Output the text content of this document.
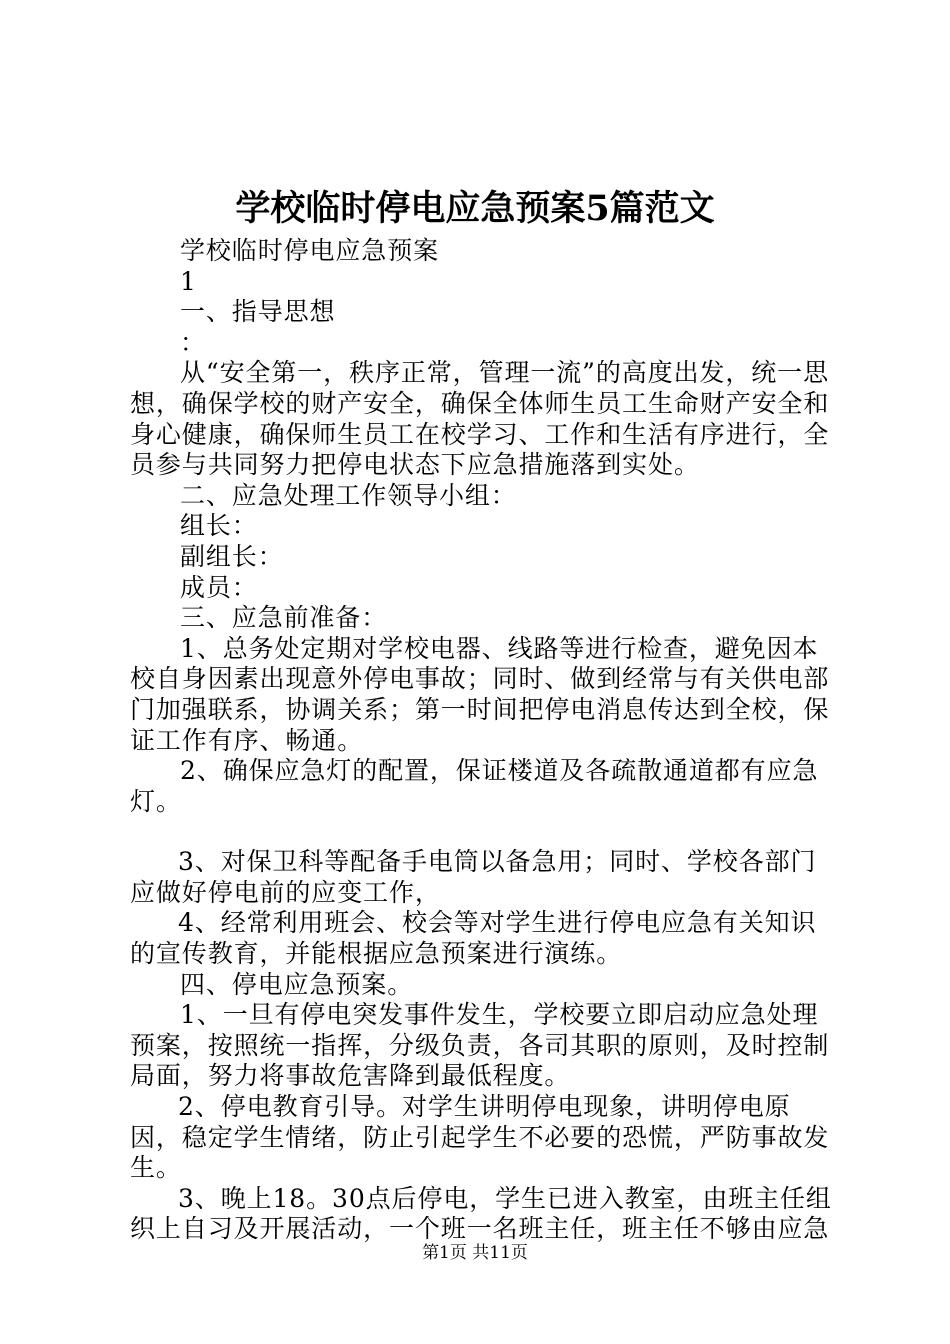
学校临时停电应急预案5篇范文

学校临时停电应急预案

1

一、指导思想

：

从“安全第一，秩序正常，管理一流”的高度出发，统一思想，确保学校的财产安全，确保全体师生员工生命财产安全和身心健康，确保师生员工在校学习、工作和生活有序进行，全员参与共同努力把停电状态下应急措施落到实处。

二、应急处理工作领导小组：

组长：

副组长：

成员：

三、应急前准备：

1、总务处定期对学校电器、线路等进行检查，避免因本校自身因素出现意外停电事故；同时、做到经常与有关供电部门加强联系，协调关系；第一时间把停电消息传达到全校，保证工作有序、畅通。

2、确保应急灯的配置，保证楼道及各疏散通道都有应急灯。

3、对保卫科等配备手电筒以备急用；同时、学校各部门应做好停电前的应变工作，

4、经常利用班会、校会等对学生进行停电应急有关知识的宣传教育，并能根据应急预案进行演练。

四、停电应急预案。

1、一旦有停电突发事件发生，学校要立即启动应急处理预案，按照统一指挥，分级负责，各司其职的原则，及时控制局面，努力将事故危害降到最低程度。

2、停电教育引导。对学生讲明停电现象，讲明停电原因，稳定学生情绪，防止引起学生不必要的恐慌，严防事故发生。

3、晚上18。30点后停电，学生已进入教室，由班主任组织上自习及开展活动，一个班一名班主任，班主任不够由应急

第1页 共11页
